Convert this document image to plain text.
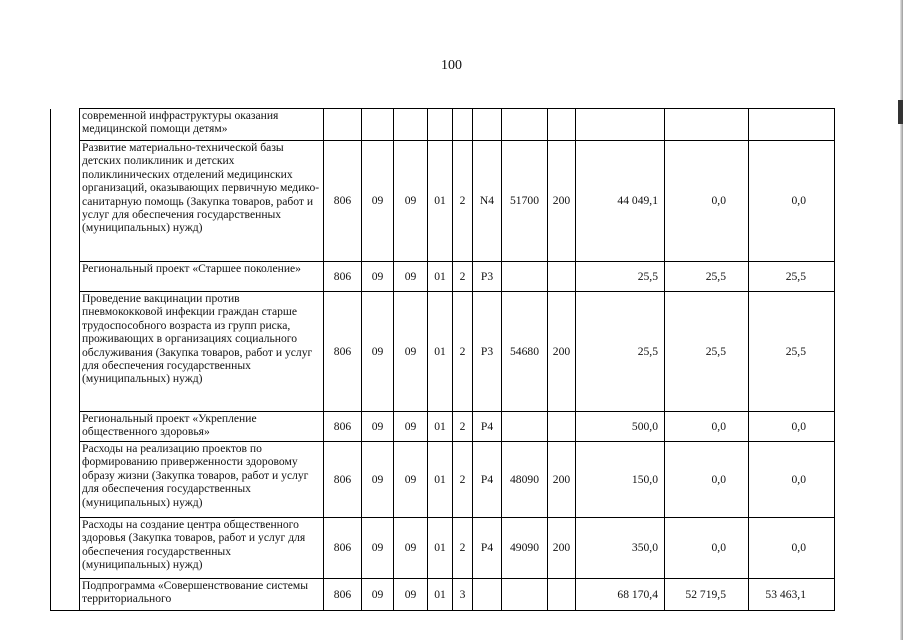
100
	современной инфраструктуры оказания медицинской помощи детям»											
	Развитие материально-технической базы детских поликлиник и детских поликлинических отделений медицинских организаций, оказывающих первичную медико-санитарную помощь (Закупка товаров, работ и услуг для обеспечения государственных (муниципальных) нужд)	806	09	09	01	2	N4	51700	200	44 049,1	0,0	0,0
	Региональный проект «Старшее поколение»	806	09	09	01	2	P3			25,5	25,5	25,5
	Проведение вакцинации против пневмококковой инфекции граждан старше трудоспособного возраста из групп риска, проживающих в организациях социального обслуживания (Закупка товаров, работ и услуг для обеспечения государственных (муниципальных) нужд)	806	09	09	01	2	P3	54680	200	25,5	25,5	25,5
	Региональный проект «Укрепление общественного здоровья»	806	09	09	01	2	P4			500,0	0,0	0,0
	Расходы на реализацию проектов по формированию приверженности здоровому образу жизни (Закупка товаров, работ и услуг для обеспечения государственных (муниципальных) нужд)	806	09	09	01	2	P4	48090	200	150,0	0,0	0,0
	Расходы на создание центра общественного здоровья (Закупка товаров, работ и услуг для обеспечения государственных (муниципальных) нужд)	806	09	09	01	2	P4	49090	200	350,0	0,0	0,0
	Подпрограмма «Совершенствование системы территориального	806	09	09	01	3				68 170,4	52 719,5	53 463,1
